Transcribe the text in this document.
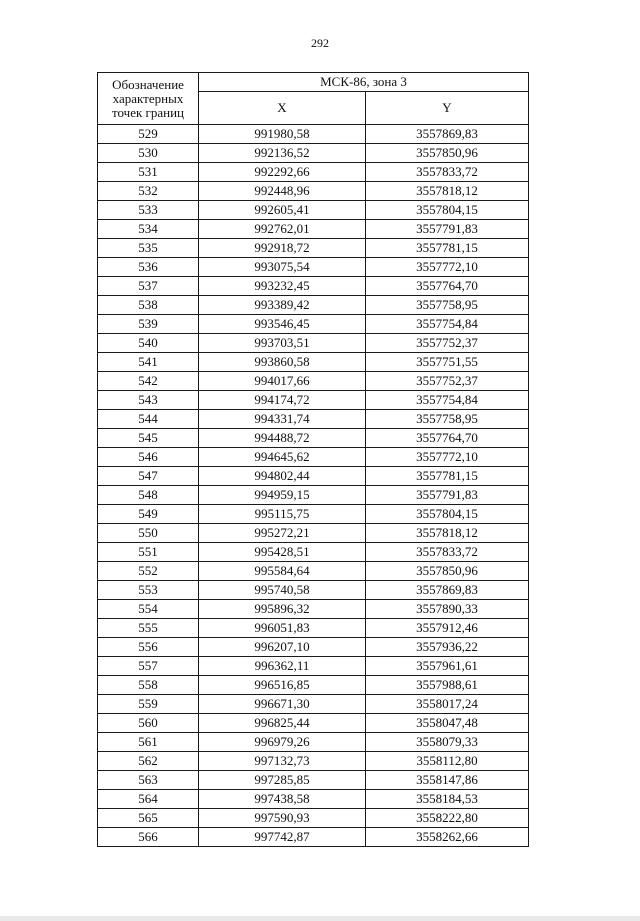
292
Обозначение характерных точек границ	МСК-86, зона 3	
	X	Y
529	991980,58	3557869,83
530	992136,52	3557850,96
531	992292,66	3557833,72
532	992448,96	3557818,12
533	992605,41	3557804,15
534	992762,01	3557791,83
535	992918,72	3557781,15
536	993075,54	3557772,10
537	993232,45	3557764,70
538	993389,42	3557758,95
539	993546,45	3557754,84
540	993703,51	3557752,37
541	993860,58	3557751,55
542	994017,66	3557752,37
543	994174,72	3557754,84
544	994331,74	3557758,95
545	994488,72	3557764,70
546	994645,62	3557772,10
547	994802,44	3557781,15
548	994959,15	3557791,83
549	995115,75	3557804,15
550	995272,21	3557818,12
551	995428,51	3557833,72
552	995584,64	3557850,96
553	995740,58	3557869,83
554	995896,32	3557890,33
555	996051,83	3557912,46
556	996207,10	3557936,22
557	996362,11	3557961,61
558	996516,85	3557988,61
559	996671,30	3558017,24
560	996825,44	3558047,48
561	996979,26	3558079,33
562	997132,73	3558112,80
563	997285,85	3558147,86
564	997438,58	3558184,53
565	997590,93	3558222,80
566	997742,87	3558262,66
